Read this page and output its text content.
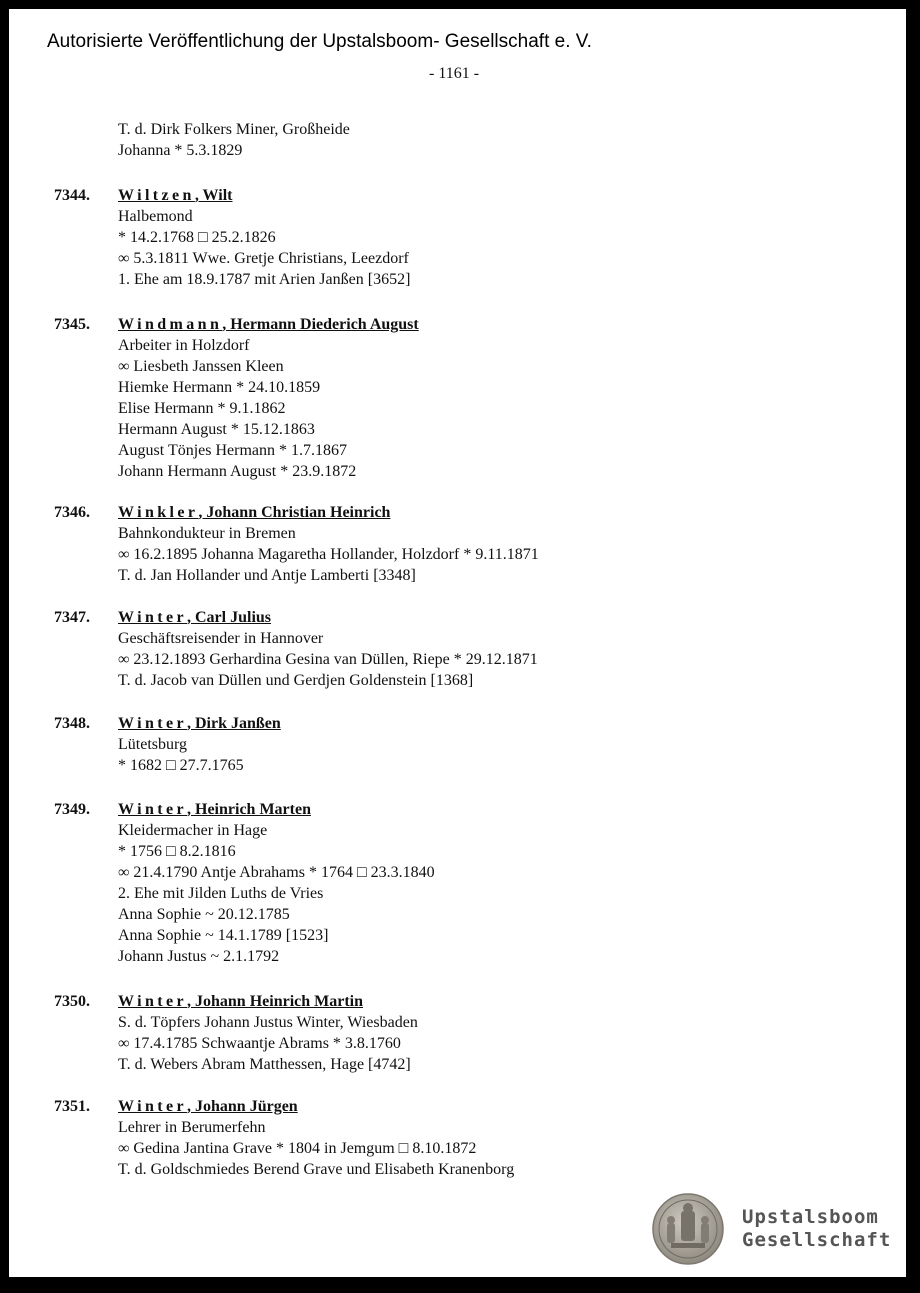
Autorisierte Veröffentlichung der Upstalsboom- Gesellschaft e. V.
- 1161 -
T. d. Dirk Folkers Miner, Großheide
Johanna * 5.3.1829
7344. Wiltzen, Wilt
Halbemond
* 14.2.1768 □ 25.2.1826
∞ 5.3.1811 Wwe. Gretje Christians, Leezdorf
1. Ehe am 18.9.1787 mit Arien Janßen [3652]
7345. Windmann, Hermann Diederich August
Arbeiter in Holzdorf
∞ Liesbeth Janssen Kleen
Hiemke Hermann * 24.10.1859
Elise Hermann * 9.1.1862
Hermann August * 15.12.1863
August Tönjes Hermann * 1.7.1867
Johann Hermann August * 23.9.1872
7346. Winkler, Johann Christian Heinrich
Bahnkondukteur in Bremen
∞ 16.2.1895 Johanna Magaretha Hollander, Holzdorf * 9.11.1871
T. d. Jan Hollander und Antje Lamberti [3348]
7347. Winter, Carl Julius
Geschäftsreisender in Hannover
∞ 23.12.1893 Gerhardina Gesina van Düllen, Riepe * 29.12.1871
T. d. Jacob van Düllen und Gerdjen Goldenstein [1368]
7348. Winter, Dirk Janßen
Lütetsburg
* 1682 □ 27.7.1765
7349. Winter, Heinrich Marten
Kleidermacher in Hage
* 1756 □ 8.2.1816
∞ 21.4.1790 Antje Abrahams * 1764 □ 23.3.1840
2. Ehe mit Jilden Luths de Vries
Anna Sophie ~ 20.12.1785
Anna Sophie ~ 14.1.1789 [1523]
Johann Justus ~ 2.1.1792
7350. Winter, Johann Heinrich Martin
S. d. Töpfers Johann Justus Winter, Wiesbaden
∞ 17.4.1785 Schwaantje Abrams * 3.8.1760
T. d. Webers Abram Matthessen, Hage [4742]
7351. Winter, Johann Jürgen
Lehrer in Berumerfehn
∞ Gedina Jantina Grave * 1804 in Jemgum □ 8.10.1872
T. d. Goldschmiedes Berend Grave und Elisabeth Kranenborg
Upstalsboom
Gesellschaft
